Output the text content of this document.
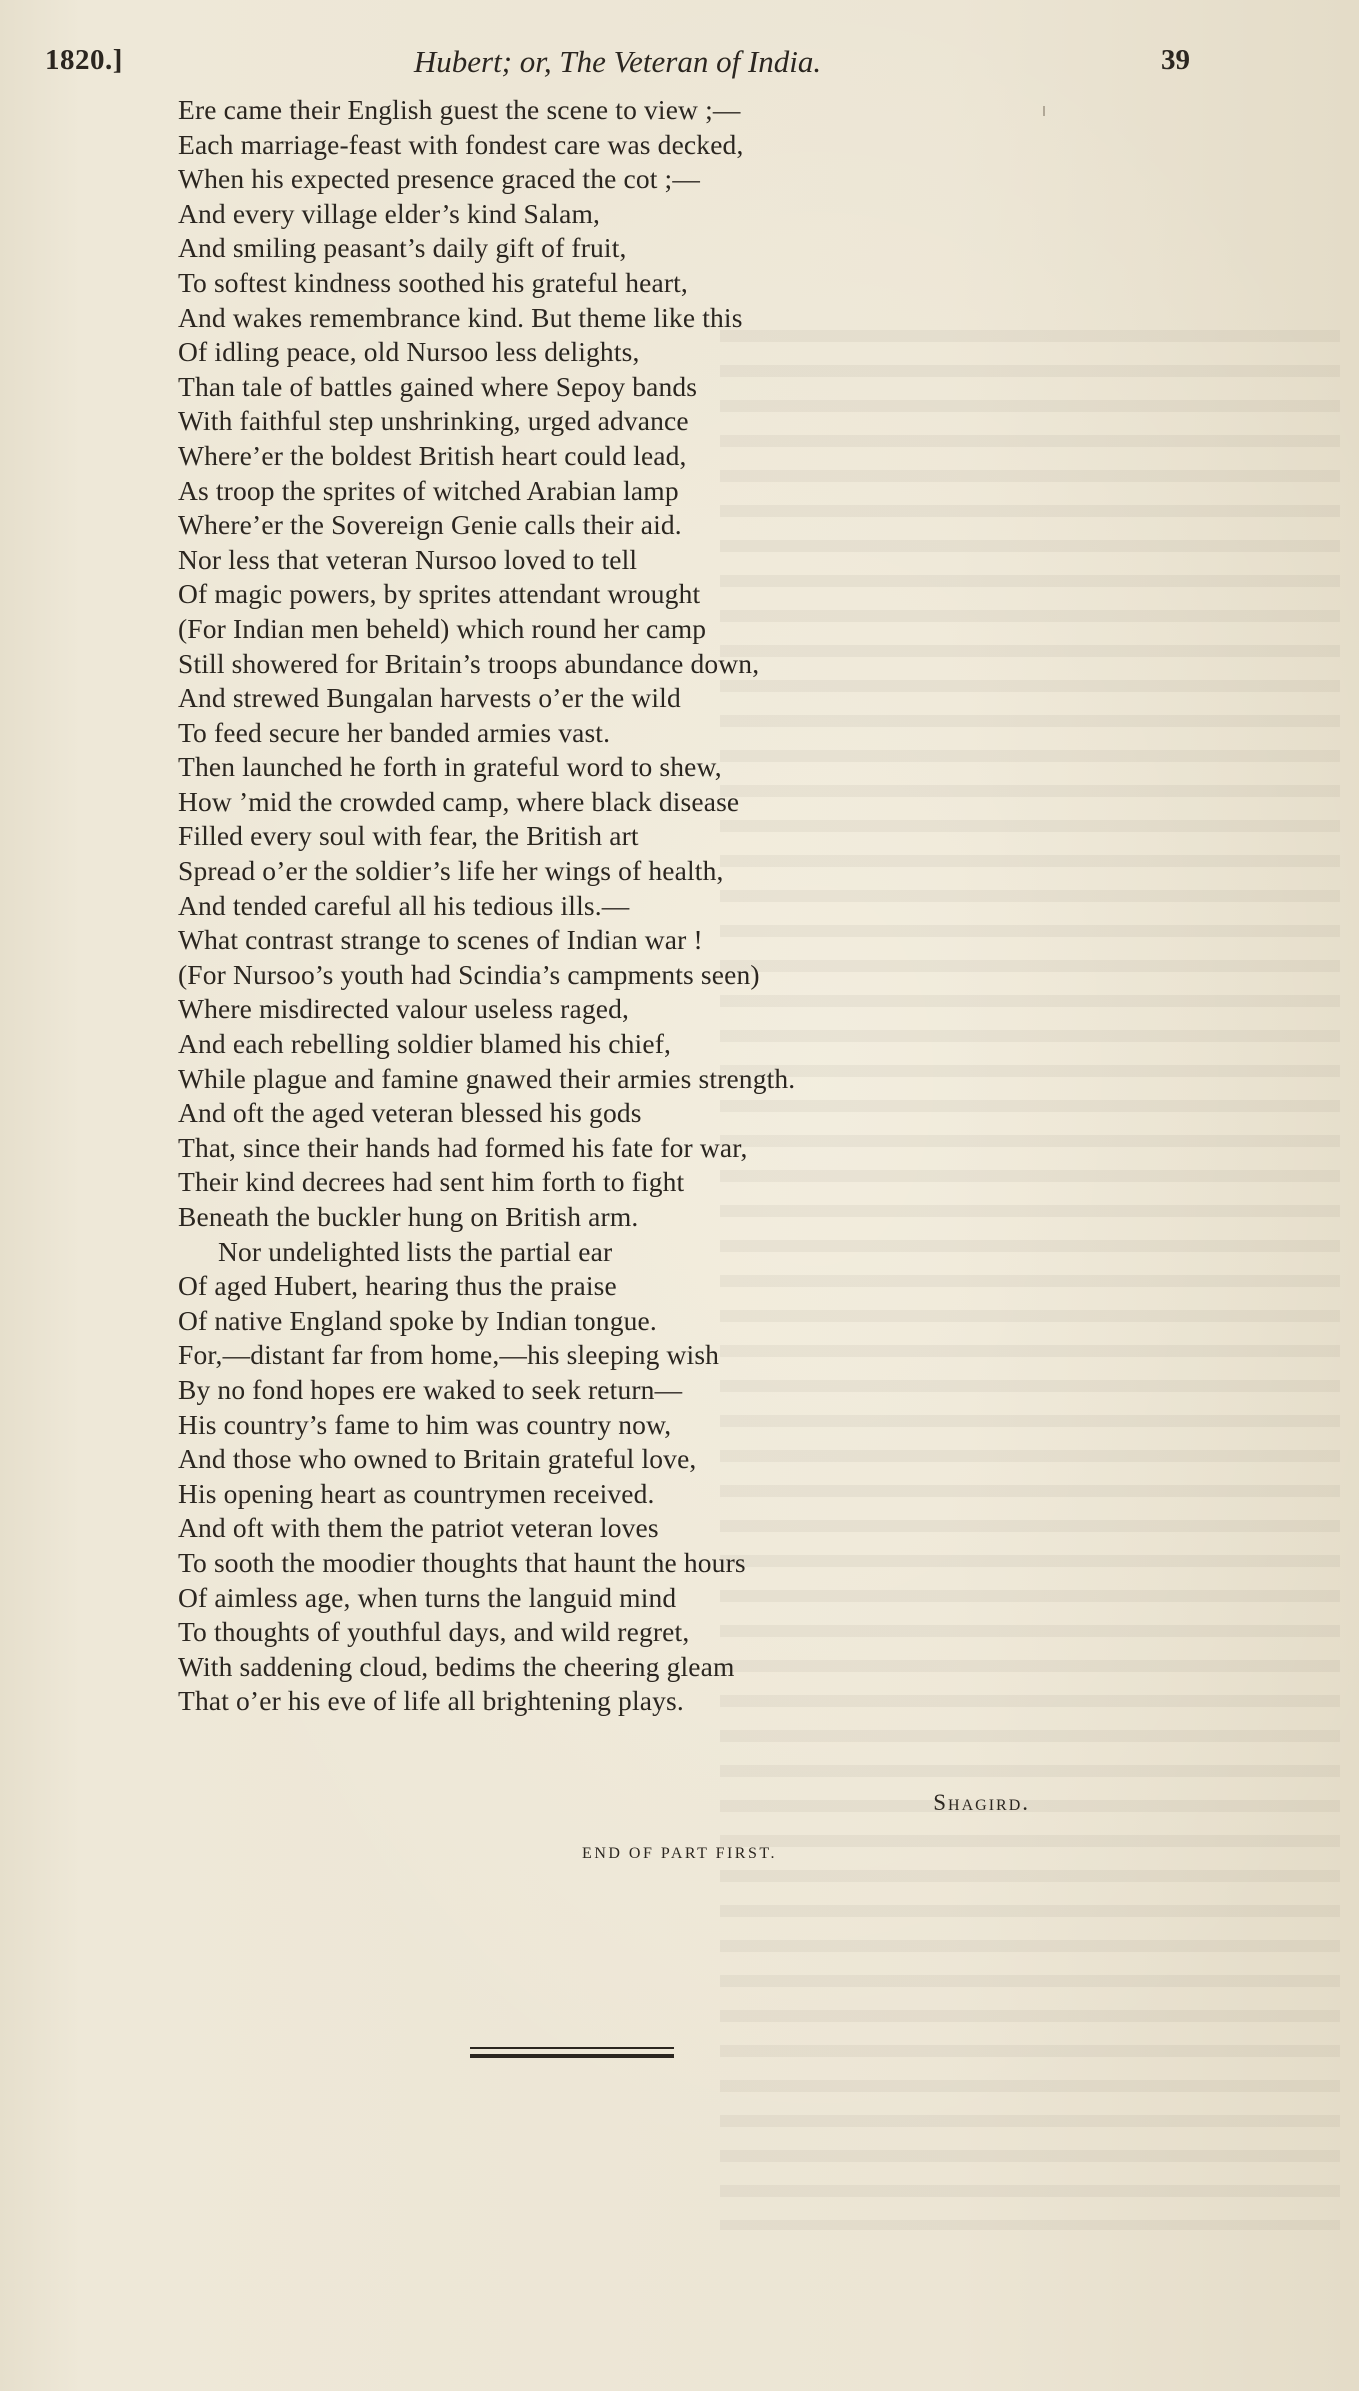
1820.]	Hubert; or, The Veteran of India.	39
Ere came their English guest the scene to view ;—
Each marriage-feast with fondest care was decked,
When his expected presence graced the cot ;—
And every village elder’s kind Salam,
And smiling peasant’s daily gift of fruit,
To softest kindness soothed his grateful heart,
And wakes remembrance kind. But theme like this
Of idling peace, old Nursoo less delights,
Than tale of battles gained where Sepoy bands
With faithful step unshrinking, urged advance
Where’er the boldest British heart could lead,
As troop the sprites of witched Arabian lamp
Where’er the Sovereign Genie calls their aid.
Nor less that veteran Nursoo loved to tell
Of magic powers, by sprites attendant wrought
(For Indian men beheld) which round her camp
Still showered for Britain’s troops abundance down,
And strewed Bungalan harvests o’er the wild
To feed secure her banded armies vast.
Then launched he forth in grateful word to shew,
How ’mid the crowded camp, where black disease
Filled every soul with fear, the British art
Spread o’er the soldier’s life her wings of health,
And tended careful all his tedious ills.—
What contrast strange to scenes of Indian war !
(For Nursoo’s youth had Scindia’s campments seen)
Where misdirected valour useless raged,
And each rebelling soldier blamed his chief,
While plague and famine gnawed their armies strength.
And oft the aged veteran blessed his gods
That, since their hands had formed his fate for war,
Their kind decrees had sent him forth to fight
Beneath the buckler hung on British arm.
Nor undelighted lists the partial ear
Of aged Hubert, hearing thus the praise
Of native England spoke by Indian tongue.
For,—distant far from home,—his sleeping wish
By no fond hopes ere waked to seek return—
His country’s fame to him was country now,
And those who owned to Britain grateful love,
His opening heart as countrymen received.
And oft with them the patriot veteran loves
To sooth the moodier thoughts that haunt the hours
Of aimless age, when turns the languid mind
To thoughts of youthful days, and wild regret,
With saddening cloud, bedims the cheering gleam
That o’er his eve of life all brightening plays.
Shagird.
END OF PART FIRST.
